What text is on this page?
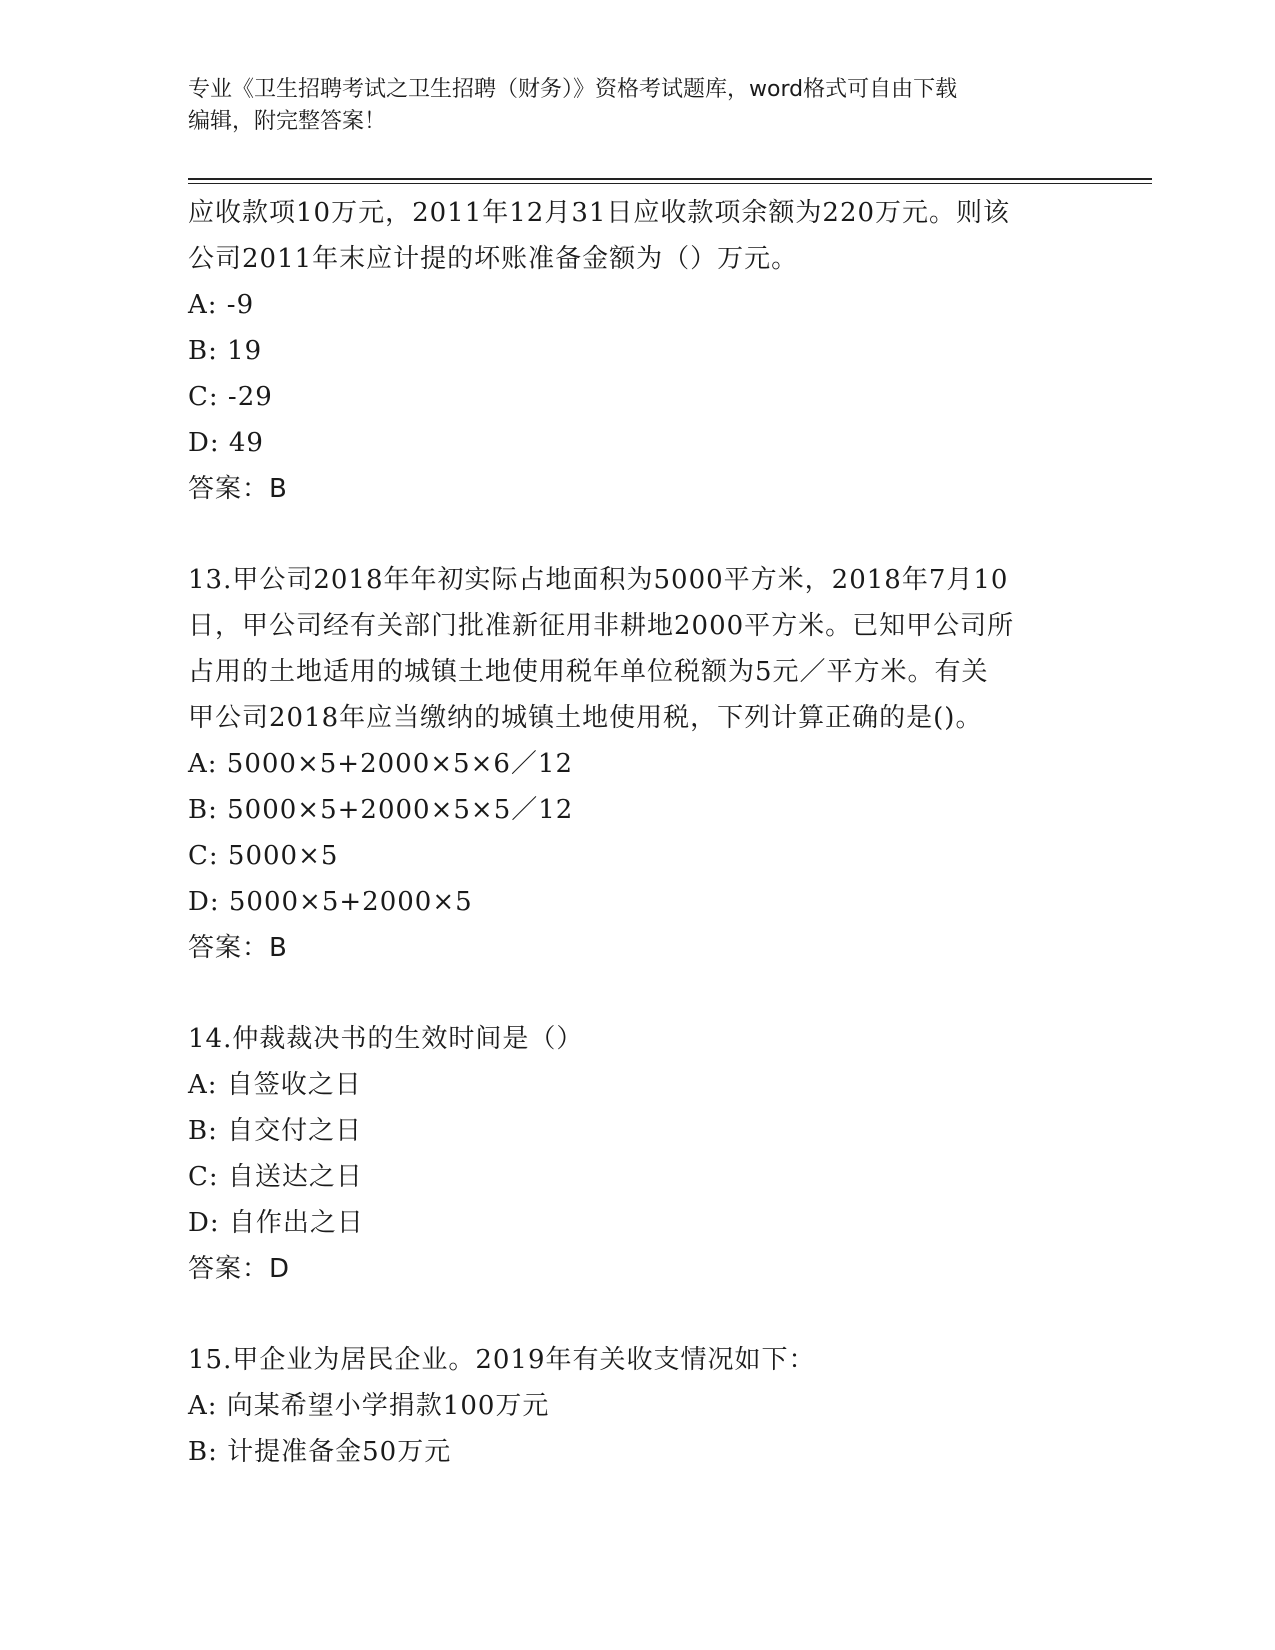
专业《卫生招聘考试之卫生招聘（财务）》资格考试题库，word格式可自由下载
编辑，附完整答案！
应收款项10万元，2011年12月31日应收款项余额为220万元。则该
公司2011年末应计提的坏账准备金额为（）万元。
A: -9
B: 19
C: -29
D: 49
答案：B
13.甲公司2018年年初实际占地面积为5000平方米，2018年7月10
日，甲公司经有关部门批准新征用非耕地2000平方米。已知甲公司所
占用的土地适用的城镇土地使用税年单位税额为5元／平方米。有关
甲公司2018年应当缴纳的城镇土地使用税，下列计算正确的是()。
A: 5000×5+2000×5×6／12
B: 5000×5+2000×5×5／12
C: 5000×5
D: 5000×5+2000×5
答案：B
14.仲裁裁决书的生效时间是（）
A: 自签收之日
B: 自交付之日
C: 自送达之日
D: 自作出之日
答案：D
15.甲企业为居民企业。2019年有关收支情况如下：
A: 向某希望小学捐款100万元
B: 计提准备金50万元
